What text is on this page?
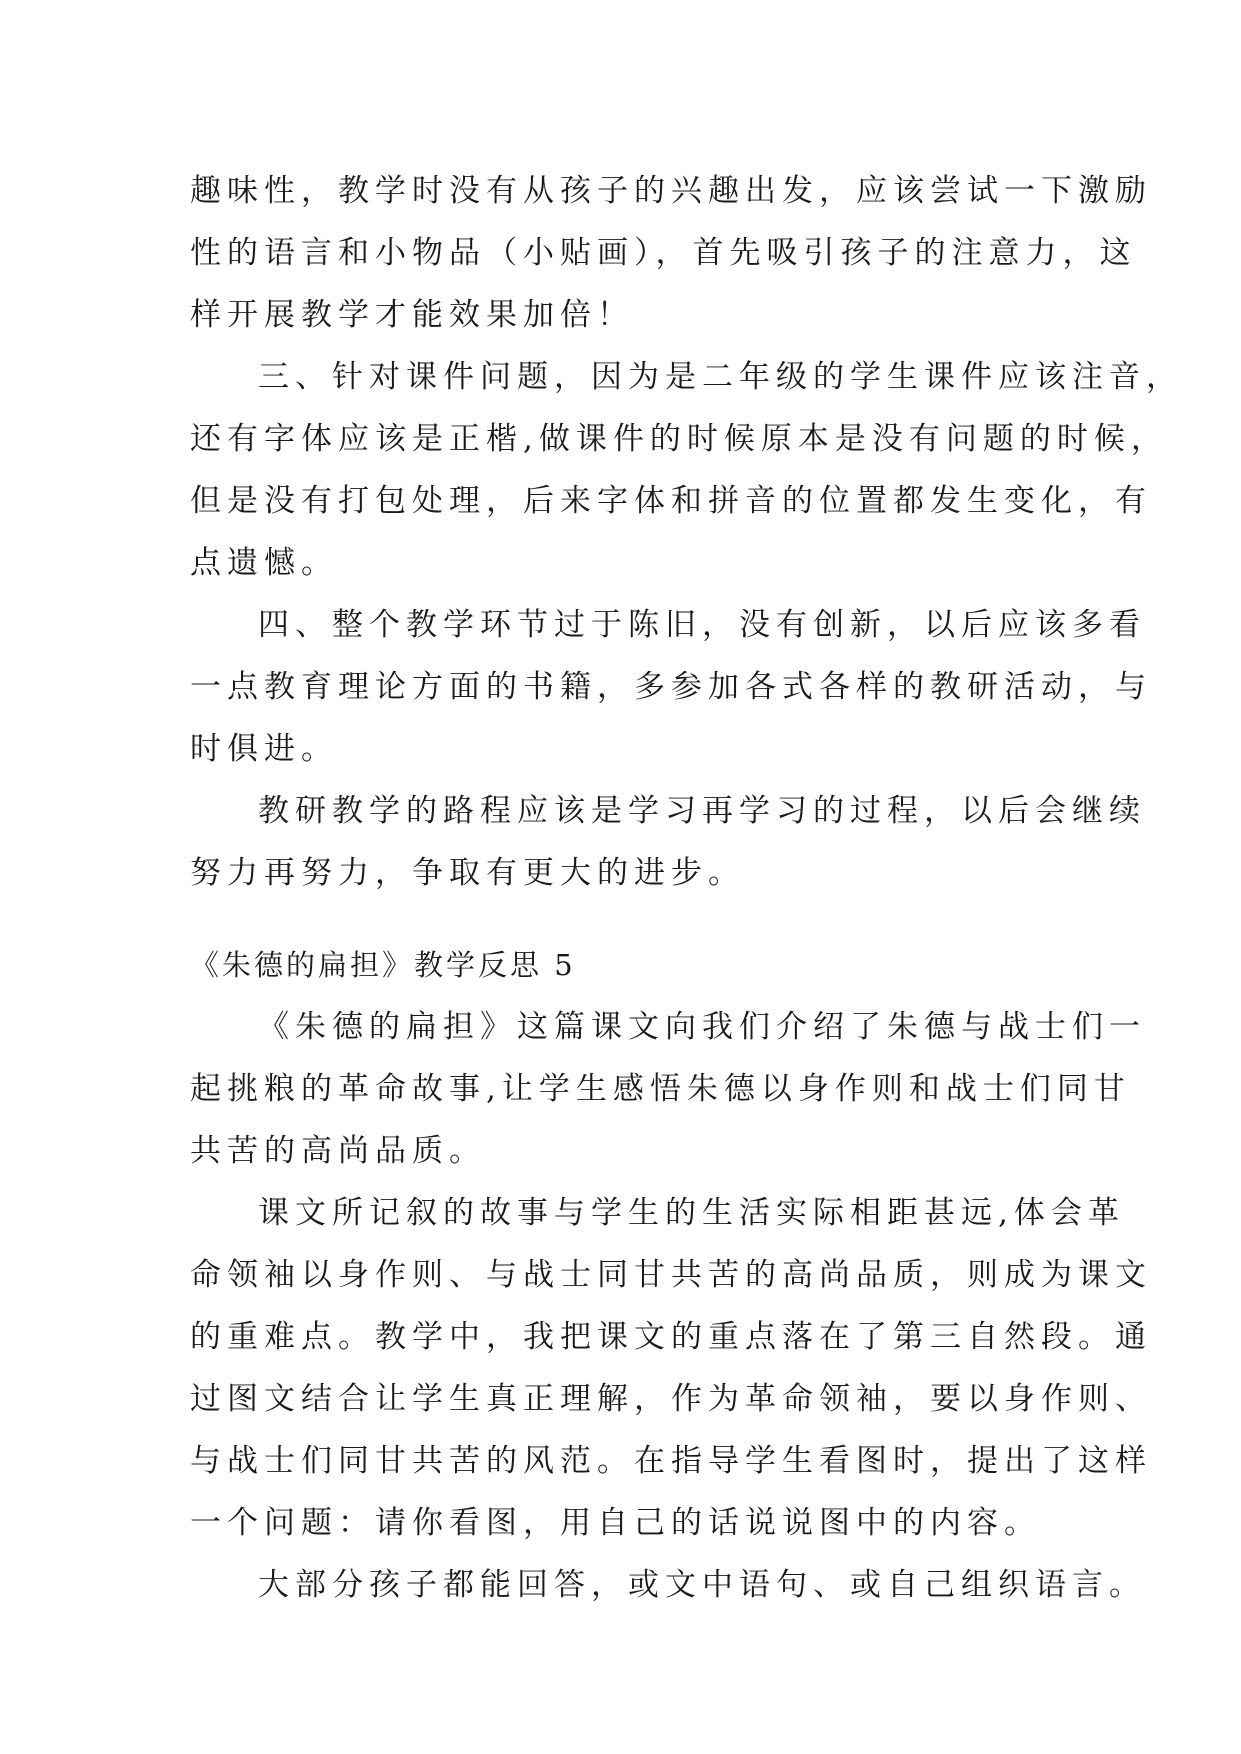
趣味性，教学时没有从孩子的兴趣出发，应该尝试一下激励
性的语言和小物品（小贴画），首先吸引孩子的注意力，这
样开展教学才能效果加倍！
三、针对课件问题，因为是二年级的学生课件应该注音，
还有字体应该是正楷,做课件的时候原本是没有问题的时候，
但是没有打包处理，后来字体和拼音的位置都发生变化，有
点遗憾。
四、整个教学环节过于陈旧，没有创新，以后应该多看
一点教育理论方面的书籍，多参加各式各样的教研活动，与
时俱进。
教研教学的路程应该是学习再学习的过程，以后会继续
努力再努力，争取有更大的进步。
《朱德的扁担》教学反思 5
《朱德的扁担》这篇课文向我们介绍了朱德与战士们一
起挑粮的革命故事,让学生感悟朱德以身作则和战士们同甘
共苦的高尚品质。
课文所记叙的故事与学生的生活实际相距甚远,体会革
命领袖以身作则、与战士同甘共苦的高尚品质，则成为课文
的重难点。教学中，我把课文的重点落在了第三自然段。通
过图文结合让学生真正理解，作为革命领袖，要以身作则、
与战士们同甘共苦的风范。在指导学生看图时，提出了这样
一个问题：请你看图，用自己的话说说图中的内容。
大部分孩子都能回答，或文中语句、或自己组织语言。
